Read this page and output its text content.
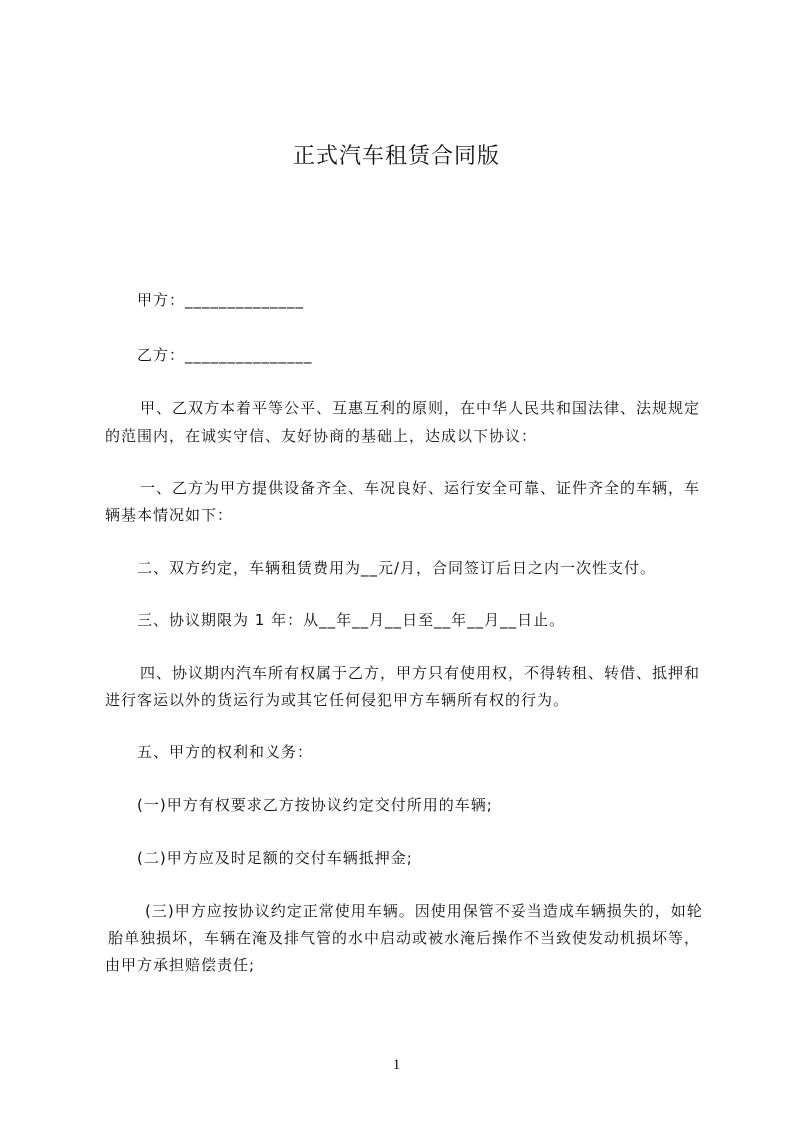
正式汽车租赁合同版
甲方：______________
乙方：_______________
甲、乙双方本着平等公平、互惠互利的原则，在中华人民共和国法律、法规规定
的范围内，在诚实守信、友好协商的基础上，达成以下协议：
一、乙方为甲方提供设备齐全、车况良好、运行安全可靠、证件齐全的车辆，车
辆基本情况如下：
二、双方约定，车辆租赁费用为__元/月，合同签订后日之内一次性支付。
三、协议期限为 1 年：从__年__月__日至__年__月__日止。
四、协议期内汽车所有权属于乙方，甲方只有使用权，不得转租、转借、抵押和
进行客运以外的货运行为或其它任何侵犯甲方车辆所有权的行为。
五、甲方的权利和义务：
(一)甲方有权要求乙方按协议约定交付所用的车辆;
(二)甲方应及时足额的交付车辆抵押金;
(三)甲方应按协议约定正常使用车辆。因使用保管不妥当造成车辆损失的，如轮
胎单独损坏，车辆在淹及排气管的水中启动或被水淹后操作不当致使发动机损坏等，
由甲方承担赔偿责任;
1
